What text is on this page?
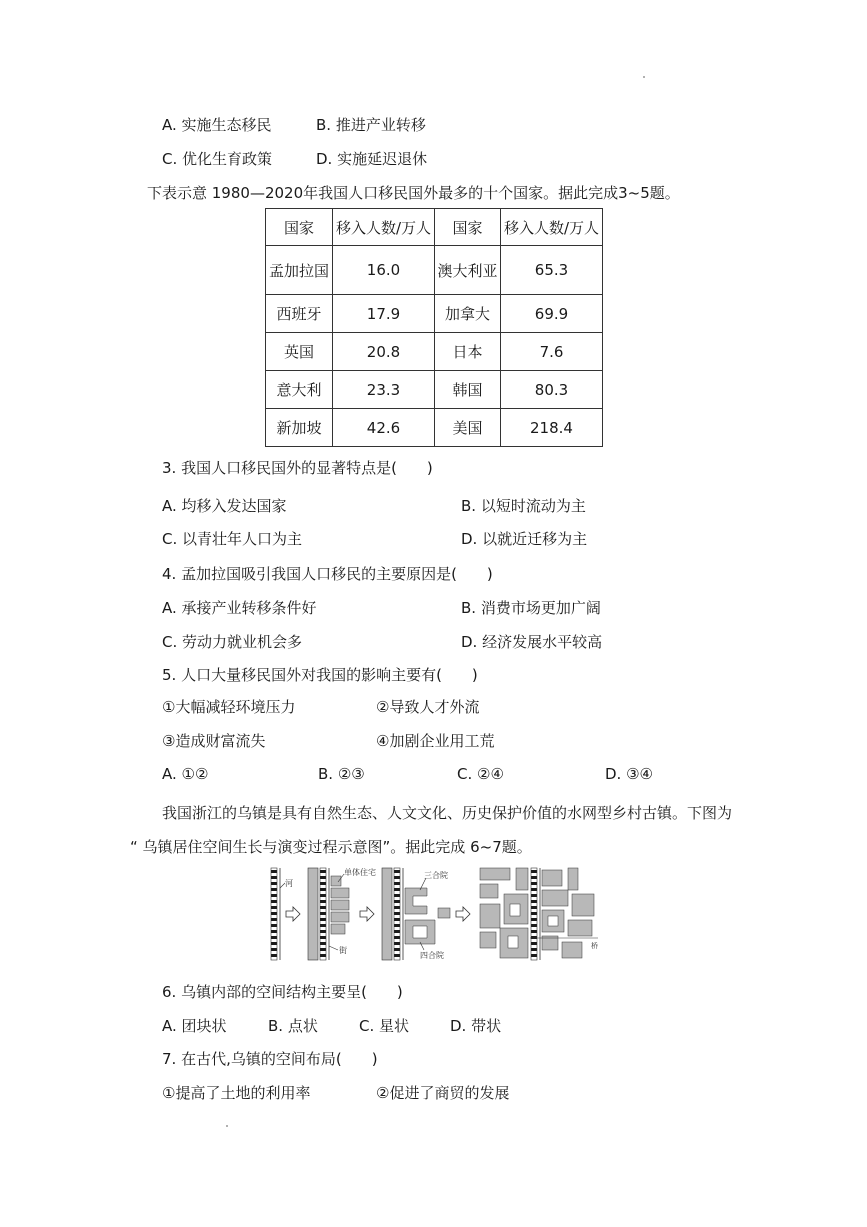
A. 实施生态移民	B. 推进产业转移
C. 优化生育政策	D. 实施延迟退休
下表示意 1980—2020年我国人口移民国外最多的十个国家。据此完成3~5题。
国家	移入人数/万人	国家	移入人数/万人
孟加拉国	16.0	澳大利亚	65.3
西班牙	17.9	加拿大	69.9
英国	20.8	日本	7.6
意大利	23.3	韩国	80.3
新加坡	42.6	美国	218.4
3. 我国人口移民国外的显著特点是(　　)
A. 均移入发达国家	B. 以短时流动为主
C. 以青壮年人口为主	D. 以就近迁移为主
4. 孟加拉国吸引我国人口移民的主要原因是(　　)
A. 承接产业转移条件好	B. 消费市场更加广阔
C. 劳动力就业机会多	D. 经济发展水平较高
5. 人口大量移民国外对我国的影响主要有(　　)
①大幅减轻环境压力	②导致人才外流
③造成财富流失	④加剧企业用工荒
A. ①②	B. ②③	C. ②④	D. ③④
我国浙江的乌镇是具有自然生态、人文文化、历史保护价值的水网型乡村古镇。下图为
“ 乌镇居住空间生长与演变过程示意图”。据此完成 6~7题。
河
单体住宅
街
三合院
四合院
桥
6. 乌镇内部的空间结构主要呈(　　)
A. 团块状	B. 点状	C. 星状	D. 带状
7. 在古代,乌镇的空间布局(　　)
①提高了土地的利用率	②促进了商贸的发展
